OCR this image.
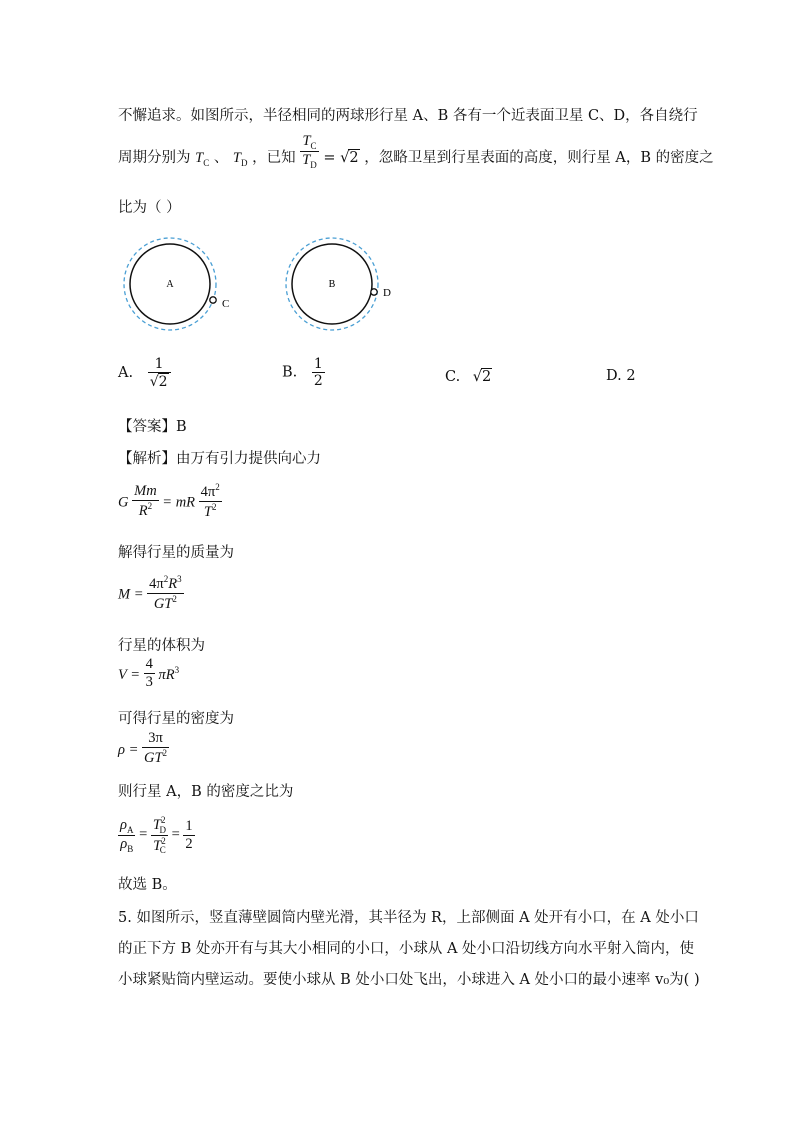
不懈追求。如图所示，半径相同的两球形行星 A、B 各有一个近表面卫星 C、D，各自绕行
周期分别为 $T_C$ 、 $T_D$ ，已知 $\frac{T_C}{T_D} = √2$ ，忽略卫星到行星表面的高度，则行星 A，B 的密度之
比为（ ）
A
C
B
D
A. $\frac{1}{√2}$	B. $\frac{1}{2}$	C. √2	D. 2
【答案】B
【解析】由万有引力提供向心力
G $\frac{Mm}{R^2}$ = mR $\frac{4\pi^2}{T^2}$
解得行星的质量为
$M = \frac{4\pi^2R^3}{GT^2}$
行星的体积为
$V = \frac{4}{3} \pi R^3$
可得行星的密度为
$\rho = \frac{3\pi}{GT^2}$
则行星 A，B 的密度之比为
$\frac{\rho_A}{\rho_B} = \frac{T^2_D}{T^2_C} = \frac{1}{2}$
故选 B。
5. 如图所示，竖直薄壁圆筒内壁光滑，其半径为 R，上部侧面 A 处开有小口，在 A 处小口
的正下方 B 处亦开有与其大小相同的小口，小球从 A 处小口沿切线方向水平射入筒内，使
小球紧贴筒内壁运动。要使小球从 B 处小口处飞出，小球进入 A 处小口的最小速率 v₀为( )
